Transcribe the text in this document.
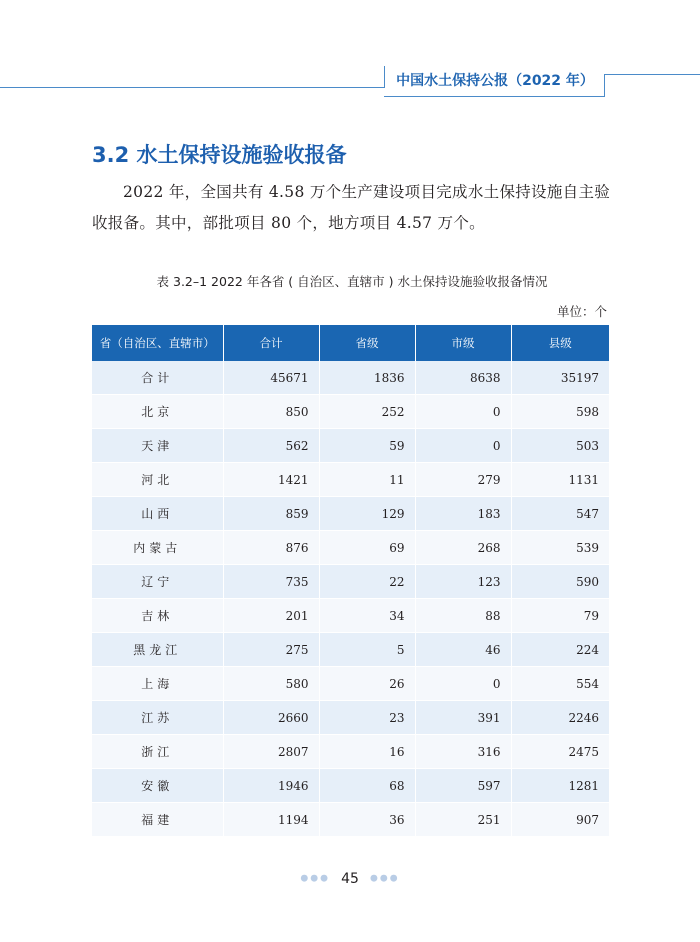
中国水土保持公报（2022 年）
3.2 水土保持设施验收报备

2022 年，全国共有 4.58 万个生产建设项目完成水土保持设施自主验

收报备。其中，部批项目 80 个，地方项目 4.57 万个。

表 3.2–1 2022 年各省 ( 自治区、直辖市 ) 水土保持设施验收报备情况
单位：个
省（自治区、直辖市）	合计	省级	市级	县级
合计	45671	1836	8638	35197
北京	850	252	0	598
天津	562	59	0	503
河北	1421	11	279	1131
山西	859	129	183	547
内蒙古	876	69	268	539
辽宁	735	22	123	590
吉林	201	34	88	79
黑龙江	275	5	46	224
上海	580	26	0	554
江苏	2660	23	391	2246
浙江	2807	16	316	2475
安徽	1946	68	597	1281
福建	1194	36	251	907
●●● 45 ●●●
